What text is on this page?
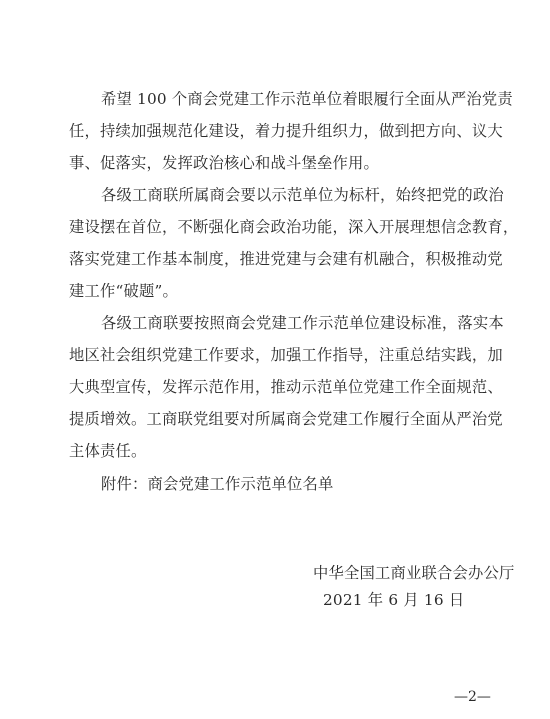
希望 100 个商会党建工作示范单位着眼履行全面从严治党责
任，持续加强规范化建设，着力提升组织力，做到把方向、议大
事、促落实，发挥政治核心和战斗堡垒作用。
各级工商联所属商会要以示范单位为标杆，始终把党的政治
建设摆在首位，不断强化商会政治功能，深入开展理想信念教育，
落实党建工作基本制度，推进党建与会建有机融合，积极推动党
建工作“破题”。
各级工商联要按照商会党建工作示范单位建设标准，落实本
地区社会组织党建工作要求，加强工作指导，注重总结实践，加
大典型宣传，发挥示范作用，推动示范单位党建工作全面规范、
提质增效。工商联党组要对所属商会党建工作履行全面从严治党
主体责任。
附件：商会党建工作示范单位名单
中华全国工商业联合会办公厅
2021 年 6 月 16 日
—2—
